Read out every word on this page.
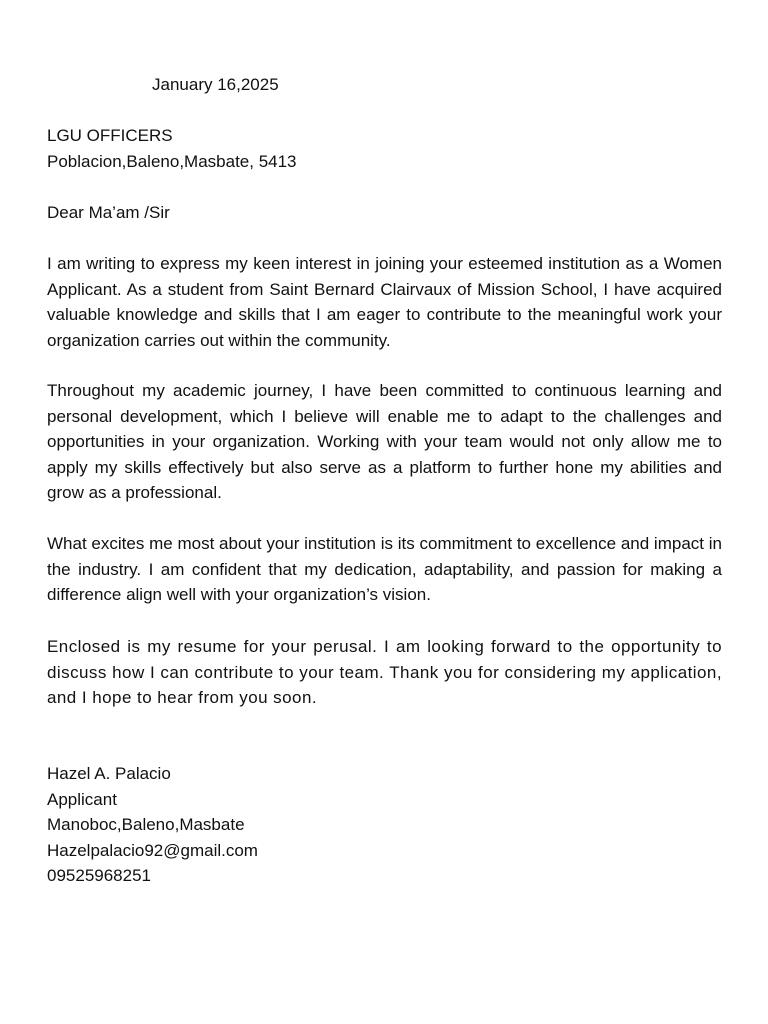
January 16,2025
LGU OFFICERS
Poblacion,Baleno,Masbate, 5413
Dear Ma’am /Sir

I am writing to express my keen interest in joining your esteemed institution as a Women Applicant. As a student from Saint Bernard Clairvaux of Mission School, I have acquired valuable knowledge and skills that I am eager to contribute to the meaningful work your organization carries out within the community.

Throughout my academic journey, I have been committed to continuous learning and personal development, which I believe will enable me to adapt to the challenges and opportunities in your organization. Working with your team would not only allow me to apply my skills effectively but also serve as a platform to further hone my abilities and grow as a professional.

What excites me most about your institution is its commitment to excellence and impact in the industry. I am confident that my dedication, adaptability, and passion for making a difference align well with your organization’s vision.

Enclosed is my resume for your perusal. I am looking forward to the opportunity to discuss how I can contribute to your team. Thank you for considering my application, and I hope to hear from you soon.

Hazel A. Palacio
Applicant
Manoboc,Baleno,Masbate
Hazelpalacio92@gmail.com
09525968251
